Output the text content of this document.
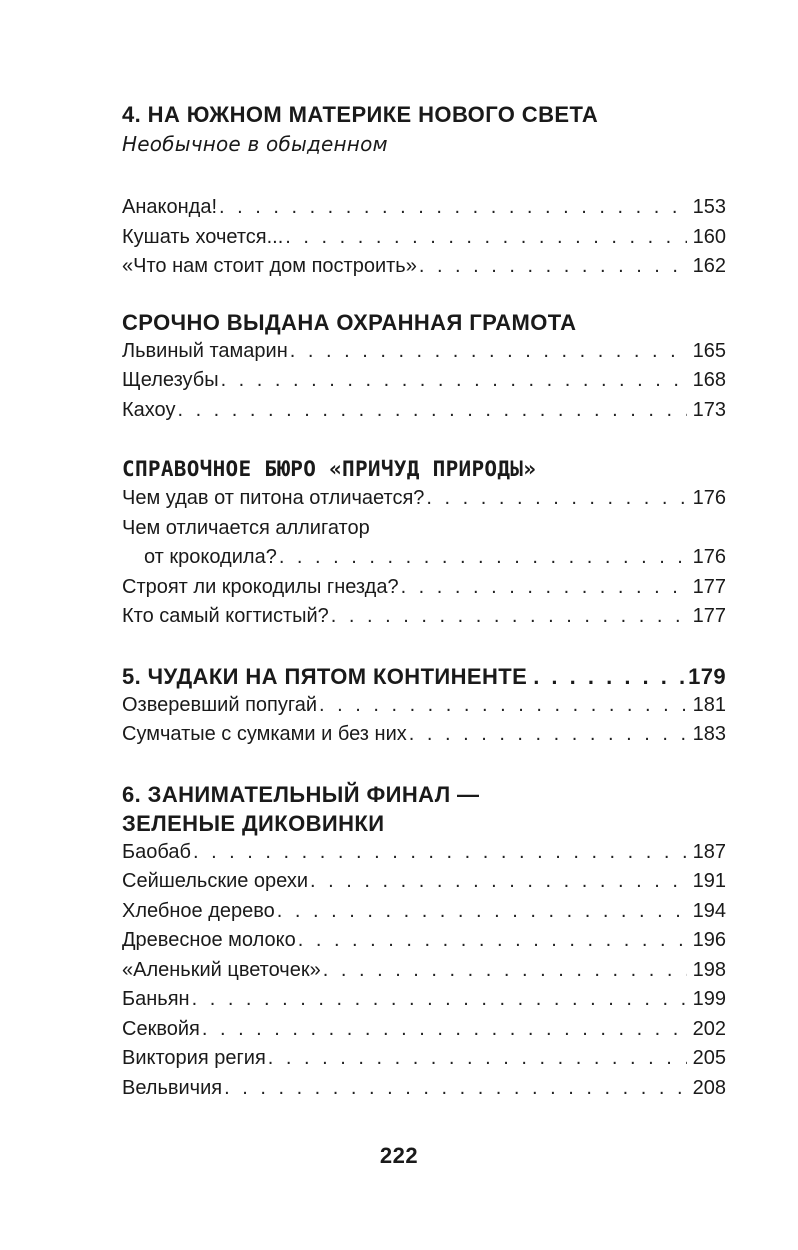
4. НА ЮЖНОМ МАТЕРИКЕ НОВОГО СВЕТА
Необычное в обыденном
Анаконда! . . .	153
Кушать хочется... . . .	160
«Что нам стоит дом построить» . . .	162
СРОЧНО ВЫДАНА ОХРАННАЯ ГРАМОТА
Львиный тамарин . . .	165
Щелезубы . . .	168
Кахоу . . .	173
СПРАВОЧНОЕ БЮРО «ПРИЧУД ПРИРОДЫ»
Чем удав от питона отличается? . . .	176
Чем отличается аллигатор
от крокодила? . . .	176
Строят ли крокодилы гнезда? . . .	177
Кто самый когтистый? . . .	177
5. ЧУДАКИ НА ПЯТОМ КОНТИНЕНТЕ . . .	179
Озверевший попугай . . .	181
Сумчатые с сумками и без них . . .	183
6. ЗАНИМАТЕЛЬНЫЙ ФИНАЛ —
ЗЕЛЕНЫЕ ДИКОВИНКИ
Баобаб . . .	187
Сейшельские орехи . . .	191
Хлебное дерево . . .	194
Древесное молоко . . .	196
«Аленький цветочек» . . .	198
Баньян . . .	199
Секвойя . . .	202
Виктория регия . . .	205
Вельвичия . . .	208
222
